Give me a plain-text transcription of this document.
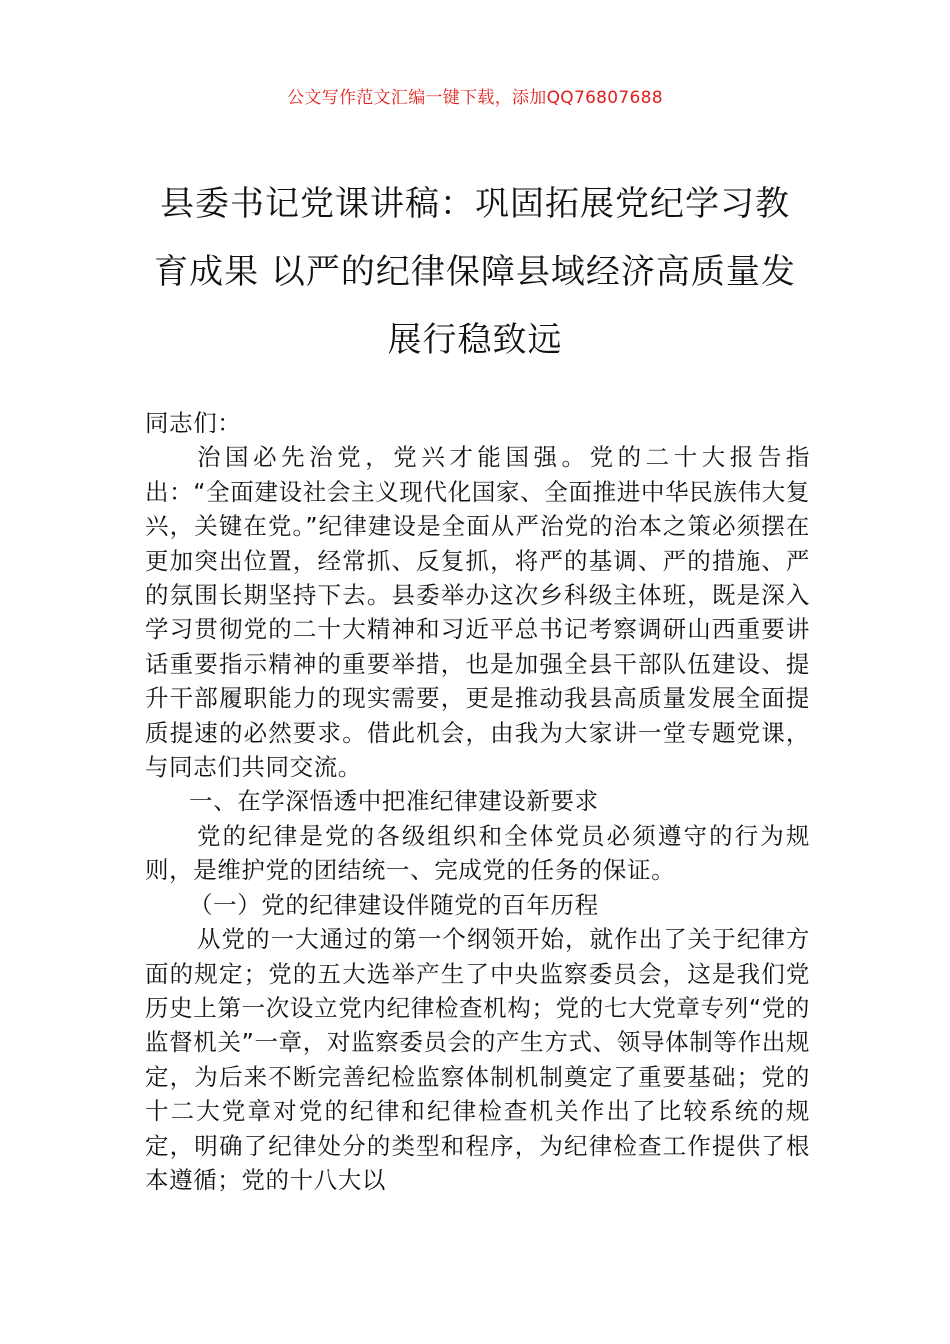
公文写作范文汇编一键下载，添加QQ76807688
县委书记党课讲稿：巩固拓展党纪学习教
育成果 以严的纪律保障县域经济高质量发
展行稳致远

同志们：

治国必先治党，党兴才能国强。党的二十大报告指出：“全面建设社会主义现代化国家、全面推进中华民族伟大复兴，关键在党。”纪律建设是全面从严治党的治本之策必须摆在更加突出位置，经常抓、反复抓，将严的基调、严的措施、严的氛围长期坚持下去。县委举办这次乡科级主体班，既是深入学习贯彻党的二十大精神和习近平总书记考察调研山西重要讲话重要指示精神的重要举措，也是加强全县干部队伍建设、提升干部履职能力的现实需要，更是推动我县高质量发展全面提质提速的必然要求。借此机会，由我为大家讲一堂专题党课，与同志们共同交流。

一、在学深悟透中把准纪律建设新要求

党的纪律是党的各级组织和全体党员必须遵守的行为规则，是维护党的团结统一、完成党的任务的保证。

（一）党的纪律建设伴随党的百年历程

从党的一大通过的第一个纲领开始，就作出了关于纪律方面的规定；党的五大选举产生了中央监察委员会，这是我们党历史上第一次设立党内纪律检查机构；党的七大党章专列“党的监督机关”一章，对监察委员会的产生方式、领导体制等作出规定，为后来不断完善纪检监察体制机制奠定了重要基础；党的十二大党章对党的纪律和纪律检查机关作出了比较系统的规定，明确了纪律处分的类型和程序，为纪律检查工作提供了根本遵循；党的十八大以
